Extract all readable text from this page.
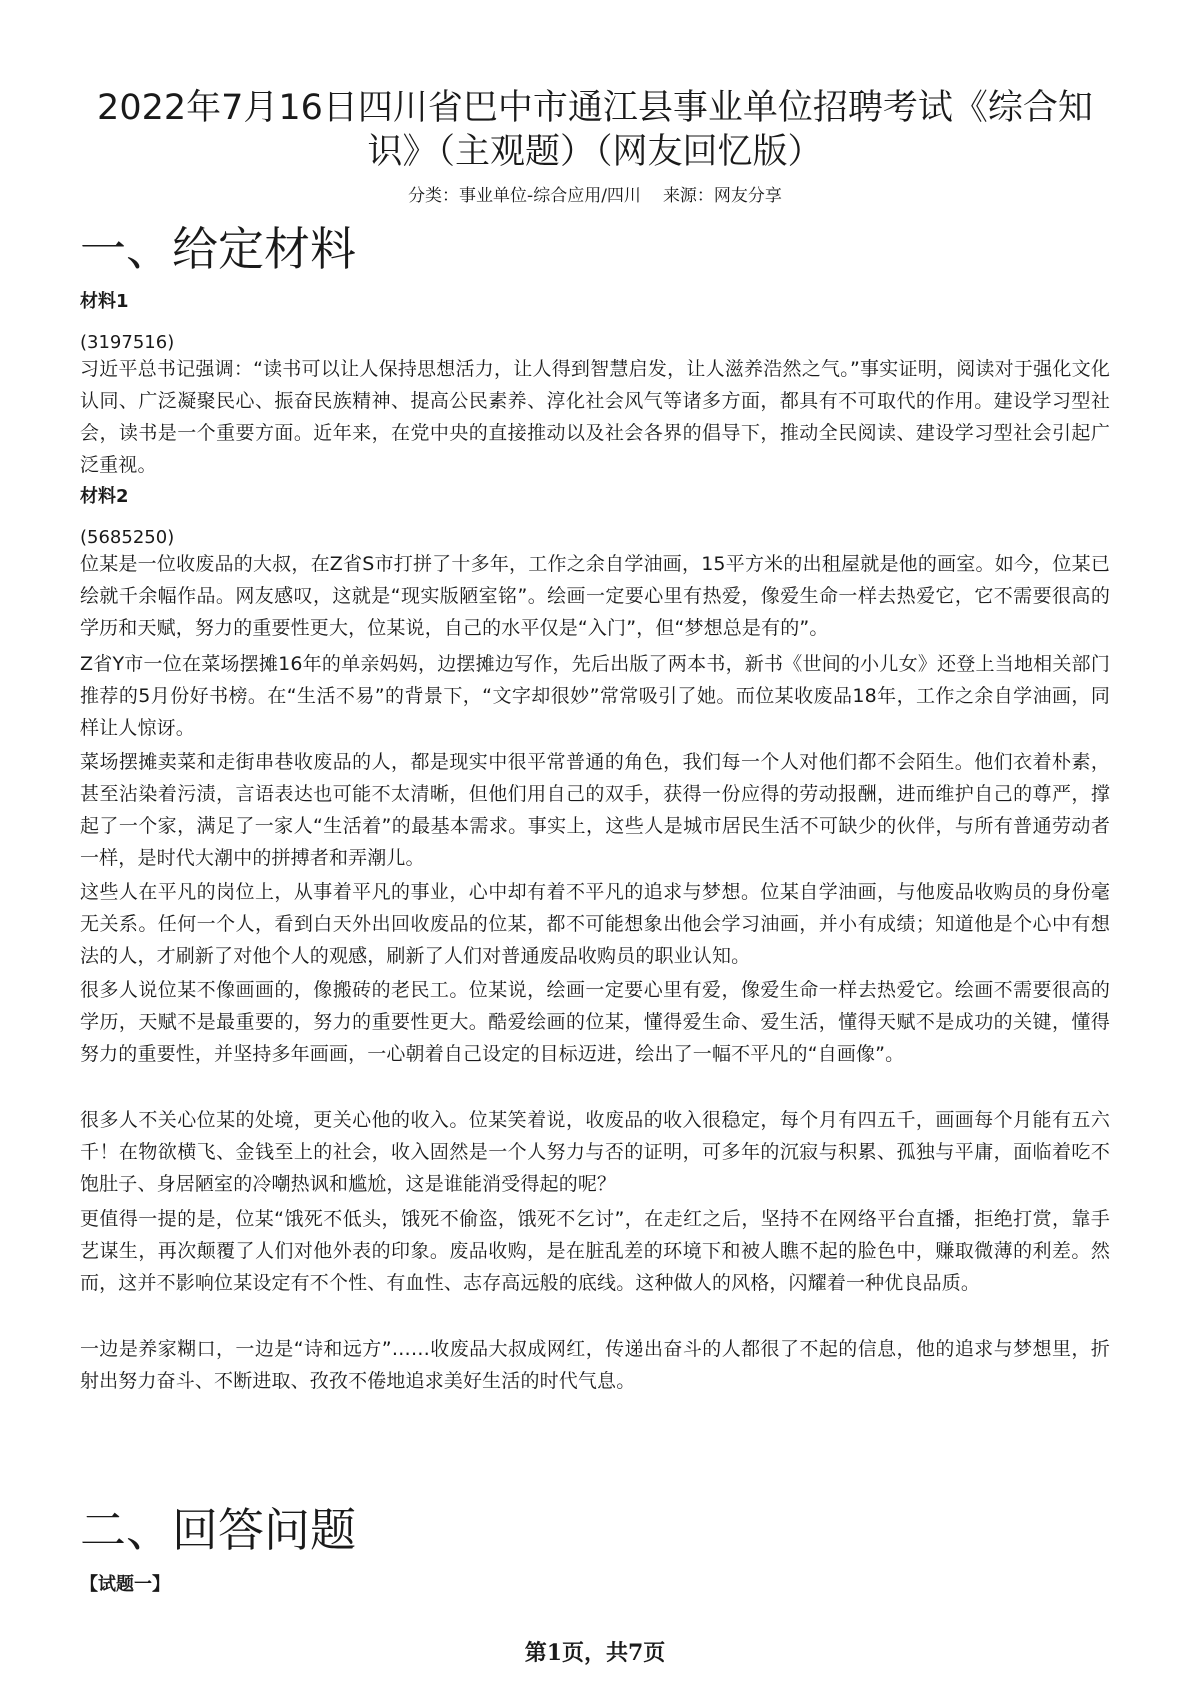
2022年7月16日四川省巴中市通江县事业单位招聘考试《综合知识》（主观题）（网友回忆版）
分类：事业单位-综合应用/四川 来源：网友分享
一、给定材料
材料1
(3197516)

习近平总书记强调：“读书可以让人保持思想活力，让人得到智慧启发，让人滋养浩然之气。”事实证明，阅读对于强化文化认同、广泛凝聚民心、振奋民族精神、提高公民素养、淳化社会风气等诸多方面，都具有不可取代的作用。建设学习型社会，读书是一个重要方面。近年来，在党中央的直接推动以及社会各界的倡导下，推动全民阅读、建设学习型社会引起广泛重视。

材料2
(5685250)

位某是一位收废品的大叔，在Z省S市打拼了十多年，工作之余自学油画，15平方米的出租屋就是他的画室。如今，位某已绘就千余幅作品。网友感叹，这就是“现实版陋室铭”。绘画一定要心里有热爱，像爱生命一样去热爱它，它不需要很高的学历和天赋，努力的重要性更大，位某说，自己的水平仅是“入门”，但“梦想总是有的”。

Z省Y市一位在菜场摆摊16年的单亲妈妈，边摆摊边写作，先后出版了两本书，新书《世间的小儿女》还登上当地相关部门推荐的5月份好书榜。在“生活不易”的背景下，“文字却很妙”常常吸引了她。而位某收废品18年，工作之余自学油画，同样让人惊讶。

菜场摆摊卖菜和走街串巷收废品的人，都是现实中很平常普通的角色，我们每一个人对他们都不会陌生。他们衣着朴素，甚至沾染着污渍，言语表达也可能不太清晰，但他们用自己的双手，获得一份应得的劳动报酬，进而维护自己的尊严，撑起了一个家，满足了一家人“生活着”的最基本需求。事实上，这些人是城市居民生活不可缺少的伙伴，与所有普通劳动者一样，是时代大潮中的拼搏者和弄潮儿。

这些人在平凡的岗位上，从事着平凡的事业，心中却有着不平凡的追求与梦想。位某自学油画，与他废品收购员的身份毫无关系。任何一个人，看到白天外出回收废品的位某，都不可能想象出他会学习油画，并小有成绩；知道他是个心中有想法的人，才刷新了对他个人的观感，刷新了人们对普通废品收购员的职业认知。

很多人说位某不像画画的，像搬砖的老民工。位某说，绘画一定要心里有爱，像爱生命一样去热爱它。绘画不需要很高的学历，天赋不是最重要的，努力的重要性更大。酷爱绘画的位某，懂得爱生命、爱生活，懂得天赋不是成功的关键，懂得努力的重要性，并坚持多年画画，一心朝着自己设定的目标迈进，绘出了一幅不平凡的“自画像”。

很多人不关心位某的处境，更关心他的收入。位某笑着说，收废品的收入很稳定，每个月有四五千，画画每个月能有五六千！在物欲横飞、金钱至上的社会，收入固然是一个人努力与否的证明，可多年的沉寂与积累、孤独与平庸，面临着吃不饱肚子、身居陋室的冷嘲热讽和尴尬，这是谁能消受得起的呢？

更值得一提的是，位某“饿死不低头，饿死不偷盗，饿死不乞讨”，在走红之后，坚持不在网络平台直播，拒绝打赏，靠手艺谋生，再次颠覆了人们对他外表的印象。废品收购，是在脏乱差的环境下和被人瞧不起的脸色中，赚取微薄的利差。然而，这并不影响位某设定有不个性、有血性、志存高远般的底线。这种做人的风格，闪耀着一种优良品质。

一边是养家糊口，一边是“诗和远方”……收废品大叔成网红，传递出奋斗的人都很了不起的信息，他的追求与梦想里，折射出努力奋斗、不断进取、孜孜不倦地追求美好生活的时代气息。

二、回答问题
【试题一】
第1页，共7页
